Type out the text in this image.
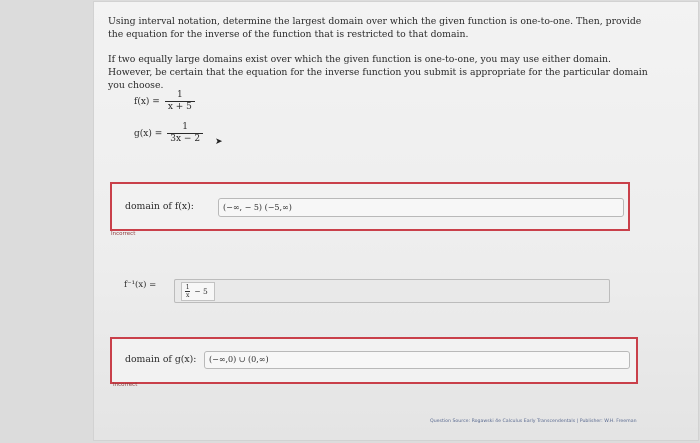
Using interval notation, determine the largest domain over which the given function is one-to-one. Then, provide the equation for the inverse of the function that is restricted to that domain.
If two equally large domains exist over which the given function is one-to-one, you may use either domain. However, be certain that the equation for the inverse function you submit is appropriate for the particular domain you choose.
$f(x) = \frac{1}{x + 5}$
$g(x) = \frac{1}{3x - 2}$ ➤
domain of f(x):	(−∞, − 5) (−5,∞)
Incorrect
f⁻¹(x) =	$\frac{1}{x} - 5$
domain of g(x):	(−∞,0) ∪ (0,∞)
Incorrect
Question Source: Rogawski 4e Calculus Early Transcendentals | Publisher: W.H. Freeman
